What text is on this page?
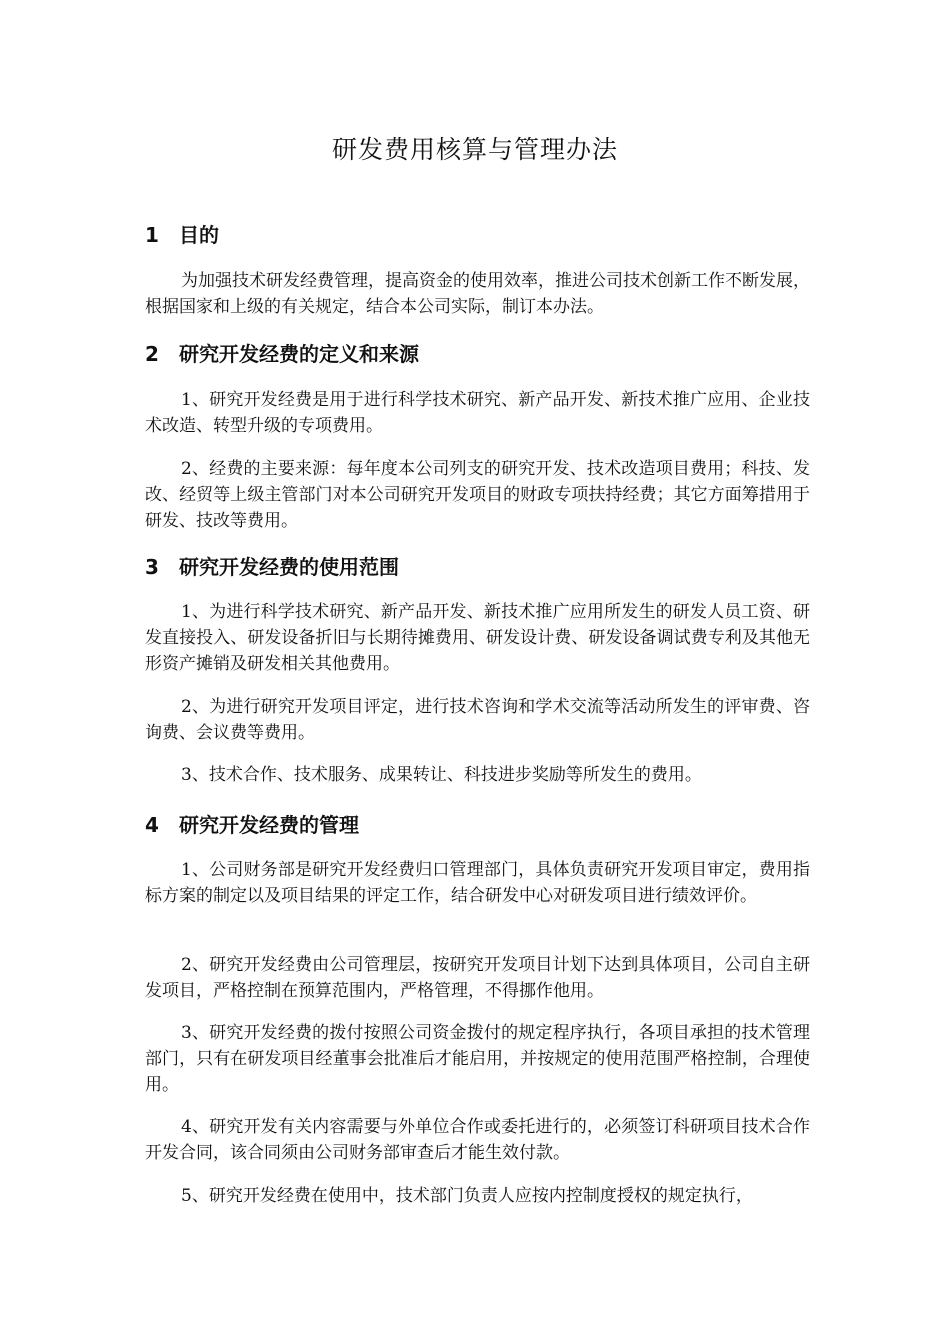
研发费用核算与管理办法
1 目的

为加强技术研发经费管理，提高资金的使用效率，推进公司技术创新工作不断发展，根据国家和上级的有关规定，结合本公司实际，制订本办法。

2 研究开发经费的定义和来源

1、研究开发经费是用于进行科学技术研究、新产品开发、新技术推广应用、企业技术改造、转型升级的专项费用。

2、经费的主要来源：每年度本公司列支的研究开发、技术改造项目费用；科技、发改、经贸等上级主管部门对本公司研究开发项目的财政专项扶持经费；其它方面筹措用于研发、技改等费用。

3 研究开发经费的使用范围

1、为进行科学技术研究、新产品开发、新技术推广应用所发生的研发人员工资、研发直接投入、研发设备折旧与长期待摊费用、研发设计费、研发设备调试费专利及其他无形资产摊销及研发相关其他费用。

2、为进行研究开发项目评定，进行技术咨询和学术交流等活动所发生的评审费、咨询费、会议费等费用。

3、技术合作、技术服务、成果转让、科技进步奖励等所发生的费用。

4 研究开发经费的管理

1、公司财务部是研究开发经费归口管理部门，具体负责研究开发项目审定，费用指标方案的制定以及项目结果的评定工作，结合研发中心对研发项目进行绩效评价。

2、研究开发经费由公司管理层，按研究开发项目计划下达到具体项目，公司自主研发项目，严格控制在预算范围内，严格管理，不得挪作他用。

3、研究开发经费的拨付按照公司资金拨付的规定程序执行，各项目承担的技术管理部门，只有在研发项目经董事会批准后才能启用，并按规定的使用范围严格控制，合理使用。

4、研究开发有关内容需要与外单位合作或委托进行的，必须签订科研项目技术合作开发合同，该合同须由公司财务部审查后才能生效付款。

5、研究开发经费在使用中，技术部门负责人应按内控制度授权的规定执行，
